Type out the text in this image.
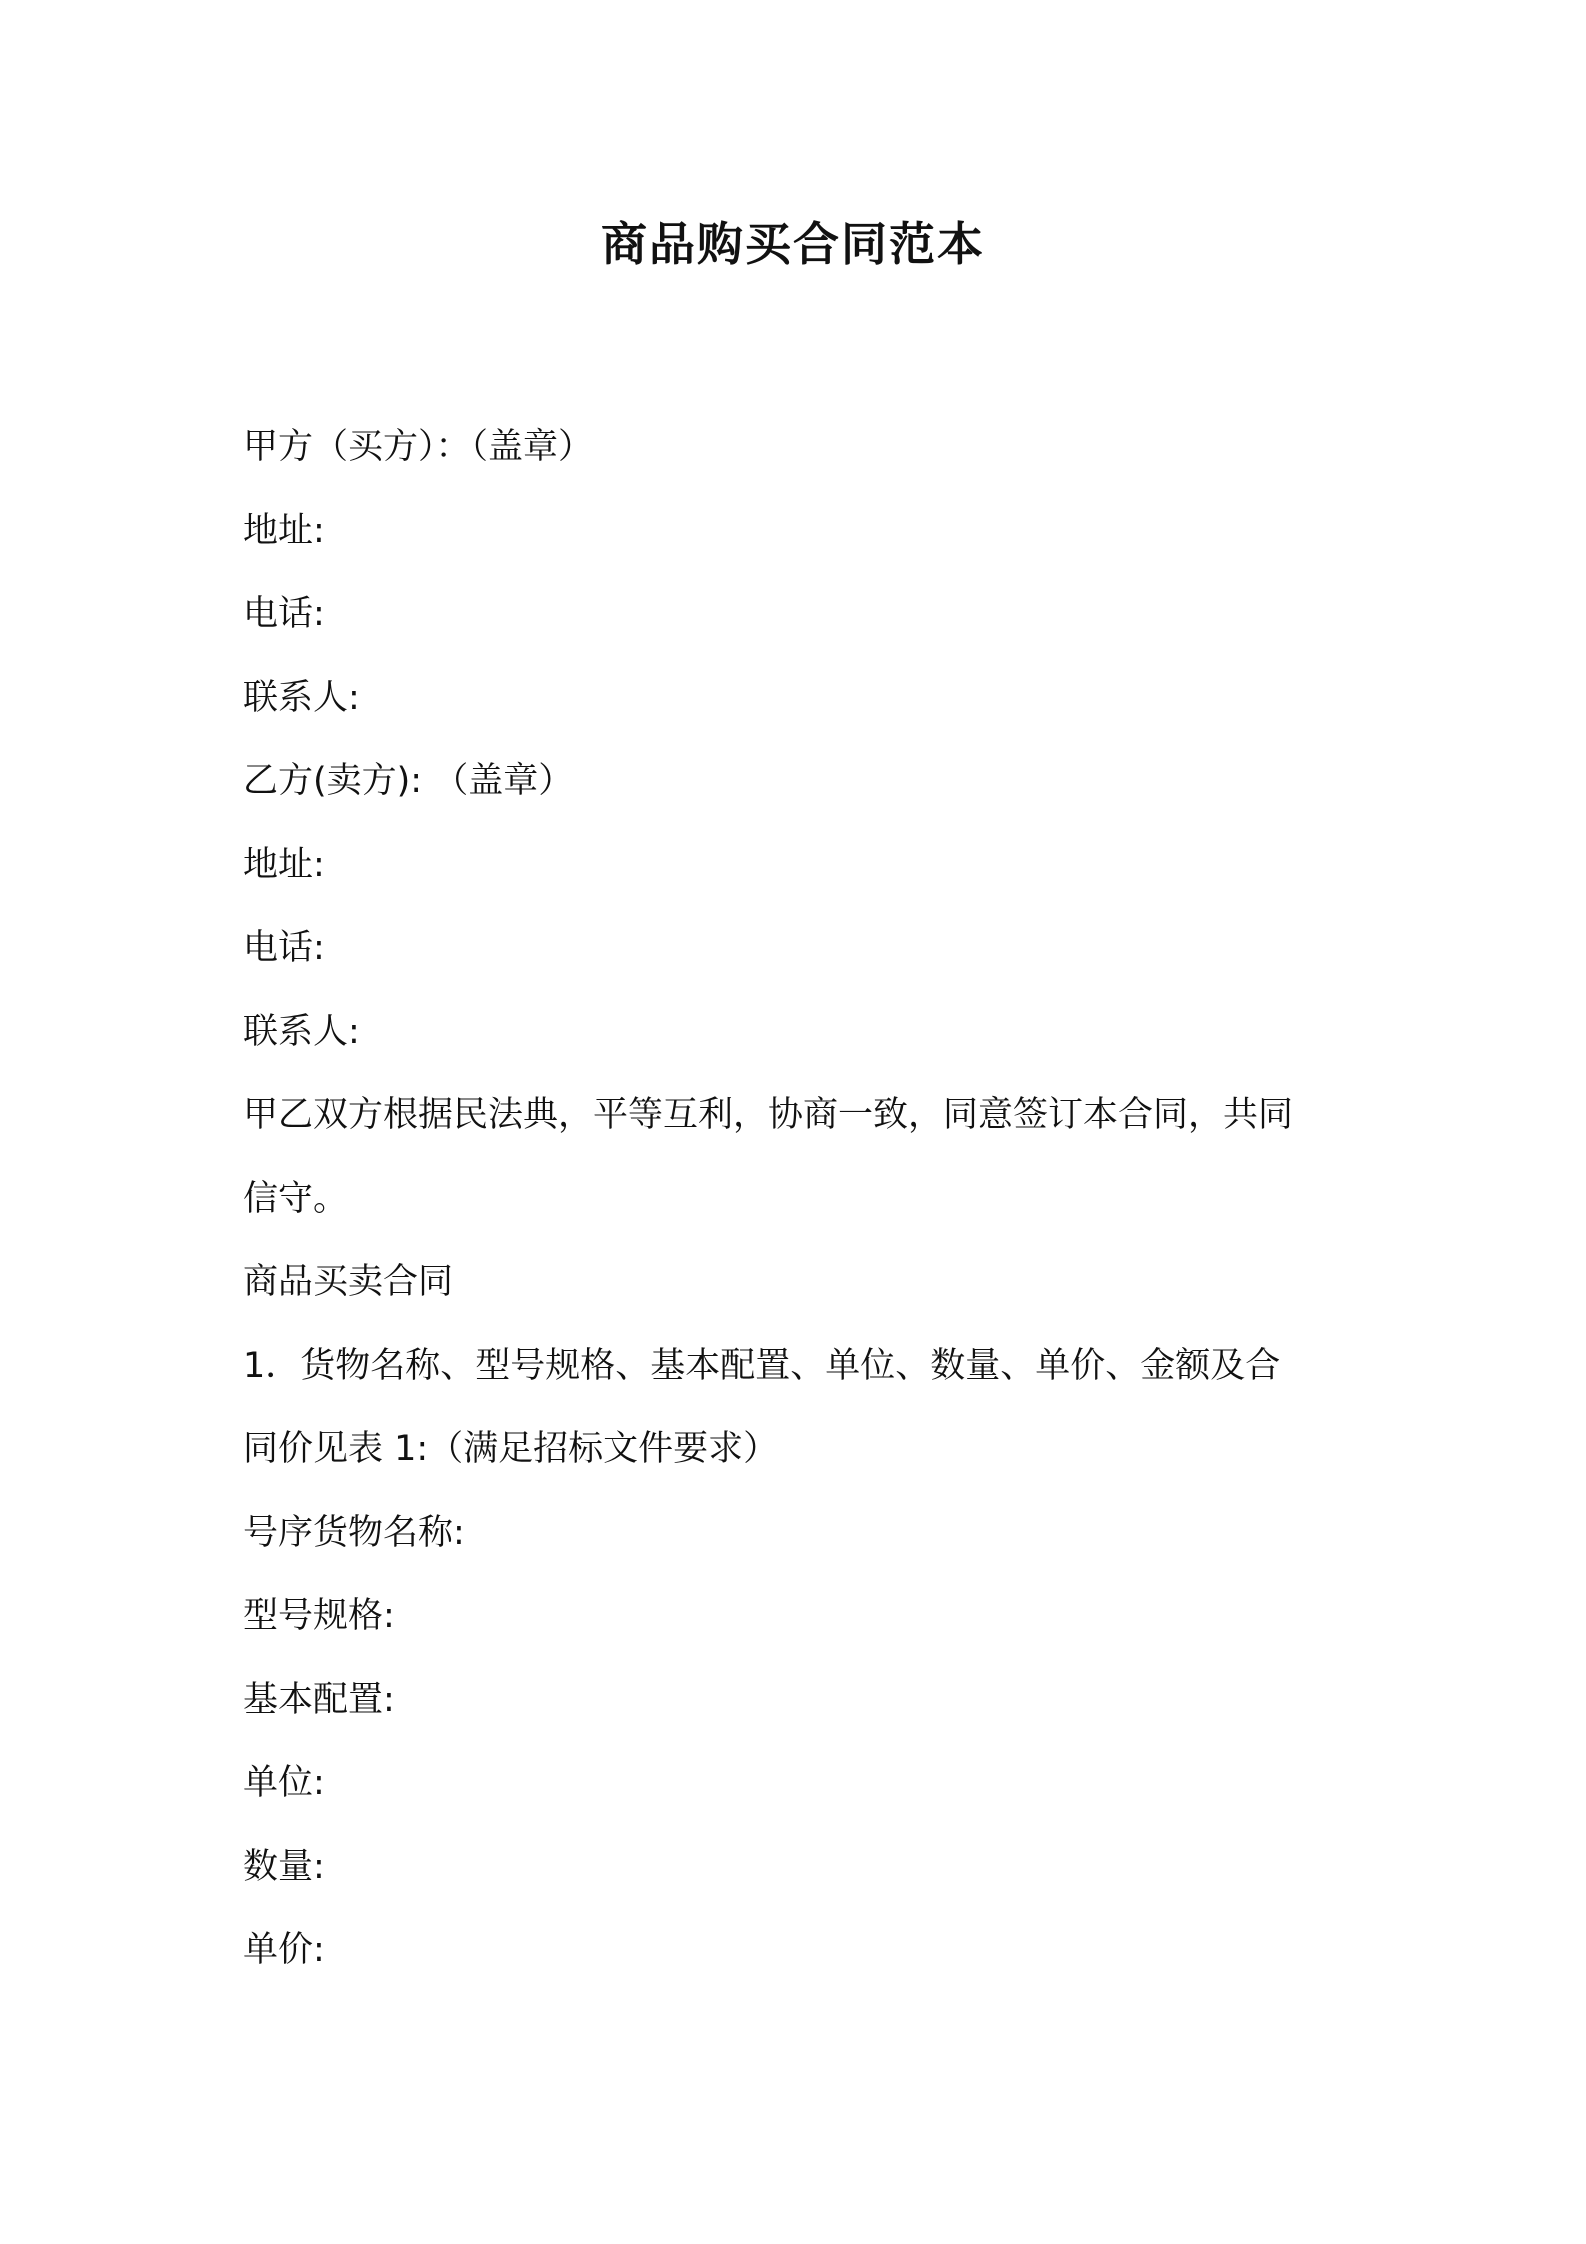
商品购买合同范本
甲方（买方）：（盖章）
地址:
电话:
联系人:
乙方(卖方): （盖章）
地址:
电话:
联系人:
甲乙双方根据民法典，平等互利，协商一致，同意签订本合同，共同
信守。
商品买卖合同
1．货物名称、型号规格、基本配置、单位、数量、单价、金额及合
同价见表 1:（满足招标文件要求）
号序货物名称:
型号规格:
基本配置:
单位:
数量:
单价:
